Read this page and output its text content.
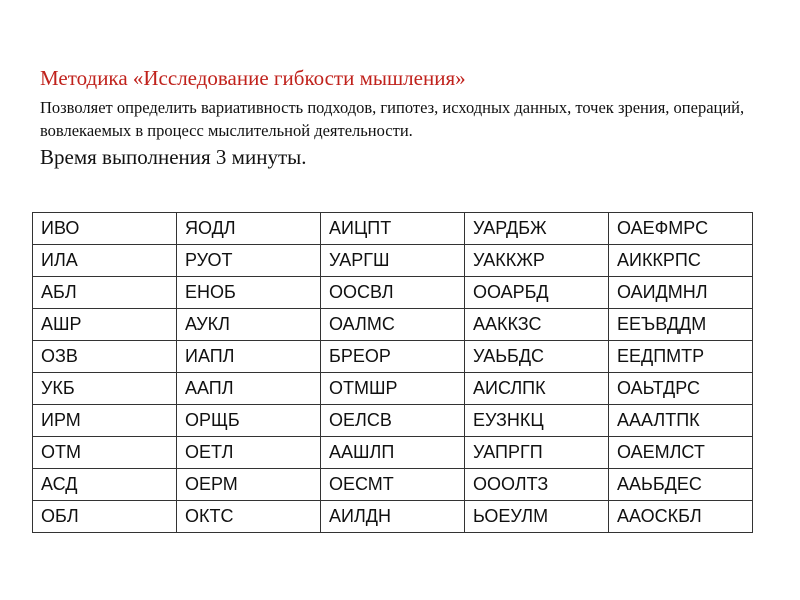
Методика «Исследование гибкости мышления»
Позволяет определить вариативность подходов, гипотез, исходных данных, точек зрения, операций, вовлекаемых в процесс мыслительной деятельности.
Время выполнения 3 минуты.
ИВО	ЯОДЛ	АИЦПТ	УАРДБЖ	ОАЕФМРС
ИЛА	РУОТ	УАРГШ	УАККЖР	АИККРПС
АБЛ	ЕНОБ	ООСВЛ	ООАРБД	ОАИДМНЛ
АШР	АУКЛ	ОАЛМС	ААККЗС	ЕЕЪВДДМ
ОЗВ	ИАПЛ	БРЕОР	УАЬБДС	ЕЕДПМТР
УКБ	ААПЛ	ОТМШР	АИСЛПК	ОАЬТДРС
ИРМ	ОРЩБ	ОЕЛСВ	ЕУЗНКЦ	АААЛТПК
ОТМ	ОЕТЛ	ААШЛП	УАПРГП	ОАЕМЛСТ
АСД	ОЕРМ	ОЕСМТ	ОООЛТЗ	ААЬБДЕС
ОБЛ	ОКТС	АИЛДН	ЬОЕУЛМ	ААОСКБЛ
